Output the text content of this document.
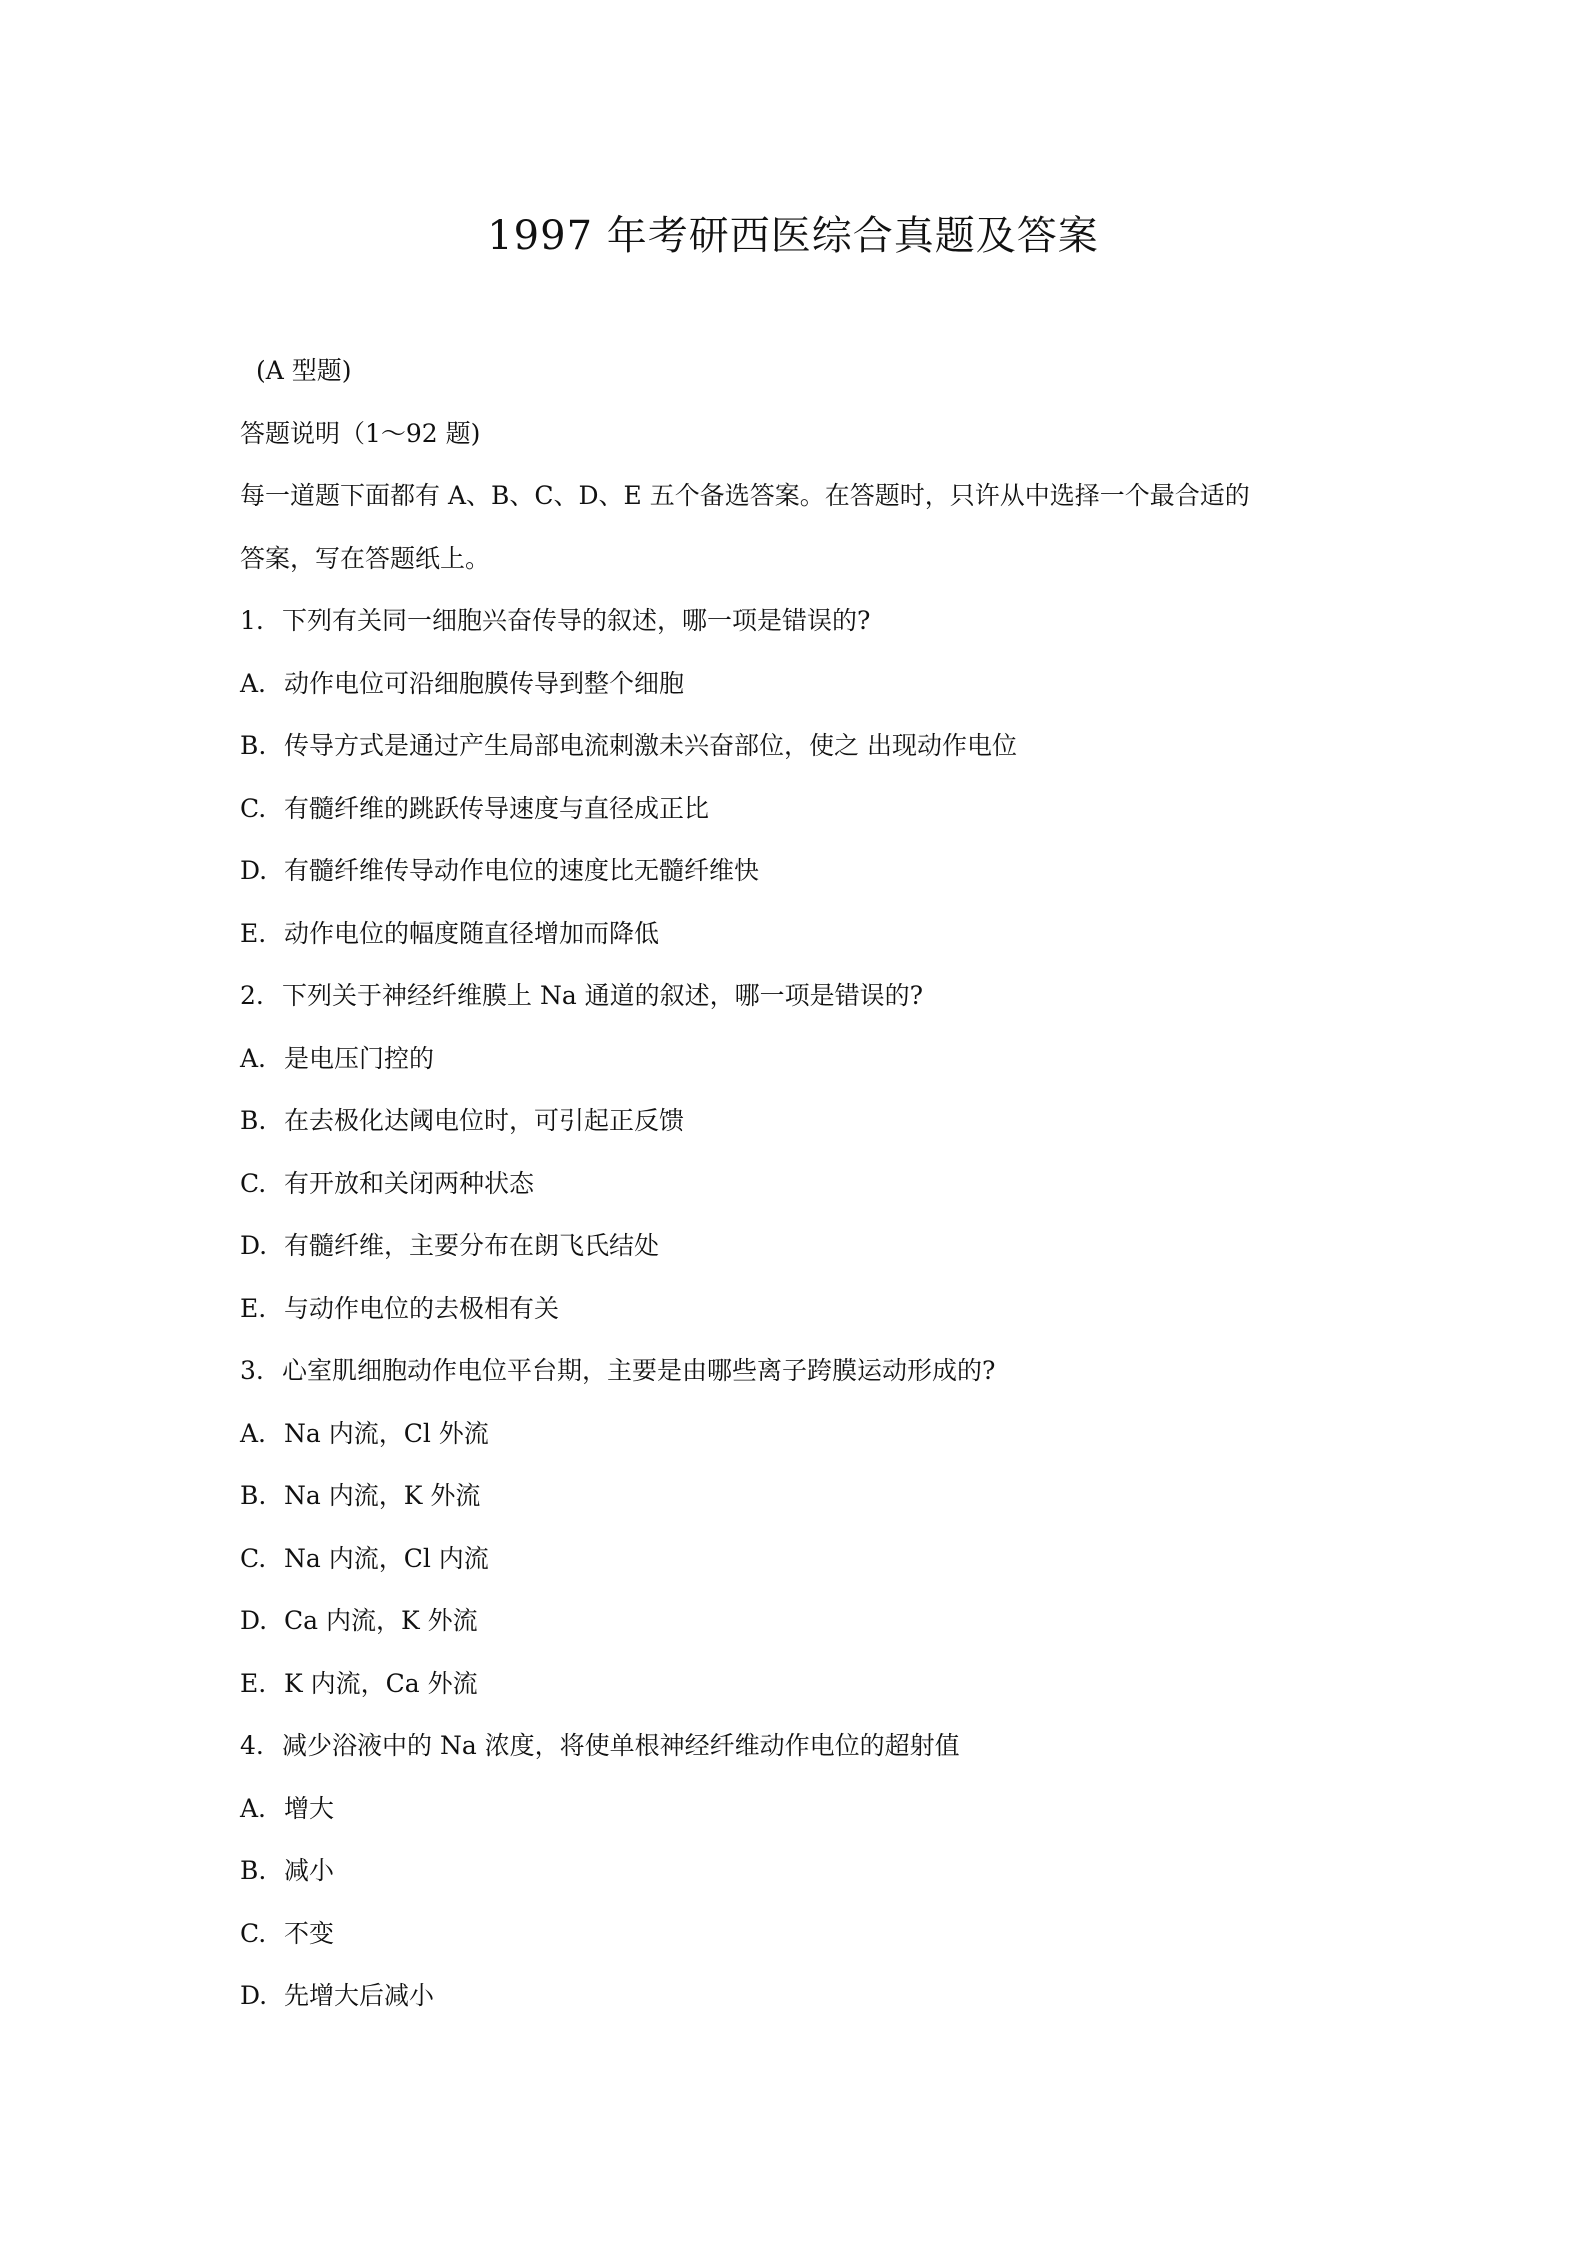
1997 年考研西医综合真题及答案
(A 型题)
答题说明（1～92 题)
每一道题下面都有 A、B、C、D、E 五个备选答案。在答题时，只许从中选择一个最合适的
答案，写在答题纸上。
1. 下列有关同一细胞兴奋传导的叙述，哪一项是错误的?
A. 动作电位可沿细胞膜传导到整个细胞
B. 传导方式是通过产生局部电流刺激未兴奋部位，使之 出现动作电位
C. 有髓纤维的跳跃传导速度与直径成正比
D. 有髓纤维传导动作电位的速度比无髓纤维快
E. 动作电位的幅度随直径增加而降低
2. 下列关于神经纤维膜上 Na 通道的叙述，哪一项是错误的?
A. 是电压门控的
B. 在去极化达阈电位时，可引起正反馈
C. 有开放和关闭两种状态
D. 有髓纤维，主要分布在朗飞氏结处
E. 与动作电位的去极相有关
3. 心室肌细胞动作电位平台期，主要是由哪些离子跨膜运动形成的?
A. Na 内流，Cl 外流
B. Na 内流，K 外流
C. Na 内流，Cl 内流
D. Ca 内流，K 外流
E. K 内流，Ca 外流
4. 减少浴液中的 Na 浓度，将使单根神经纤维动作电位的超射值
A. 增大
B. 减小
C. 不变
D. 先增大后减小
